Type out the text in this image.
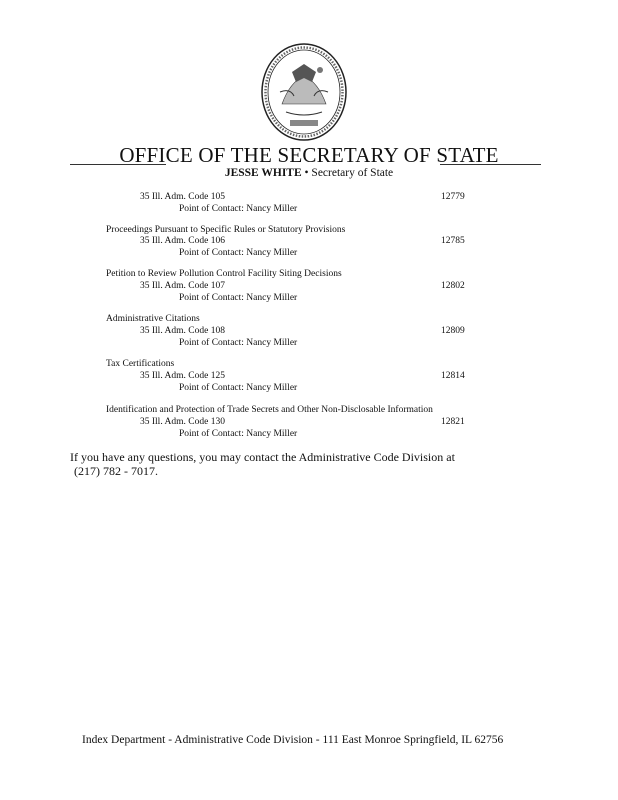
OFFICE OF THE SECRETARY OF STATE
JESSE WHITE • Secretary of State
35 Ill. Adm. Code 105	12779
Point of Contact: Nancy Miller
Proceedings Pursuant to Specific Rules or Statutory Provisions
35 Ill. Adm. Code 106	12785
Point of Contact: Nancy Miller
Petition to Review Pollution Control Facility Siting Decisions
35 Ill. Adm. Code 107	12802
Point of Contact: Nancy Miller
Administrative Citations
35 Ill. Adm. Code 108	12809
Point of Contact: Nancy Miller
Tax Certifications
35 Ill. Adm. Code 125	12814
Point of Contact: Nancy Miller
Identification and Protection of Trade Secrets and Other Non-Disclosable Information
35 Ill. Adm. Code 130	12821
Point of Contact: Nancy Miller
If you have any questions, you may contact the Administrative Code Division at
(217) 782 - 7017.
Index Department - Administrative Code Division - 111 East Monroe Springfield, IL 62756
